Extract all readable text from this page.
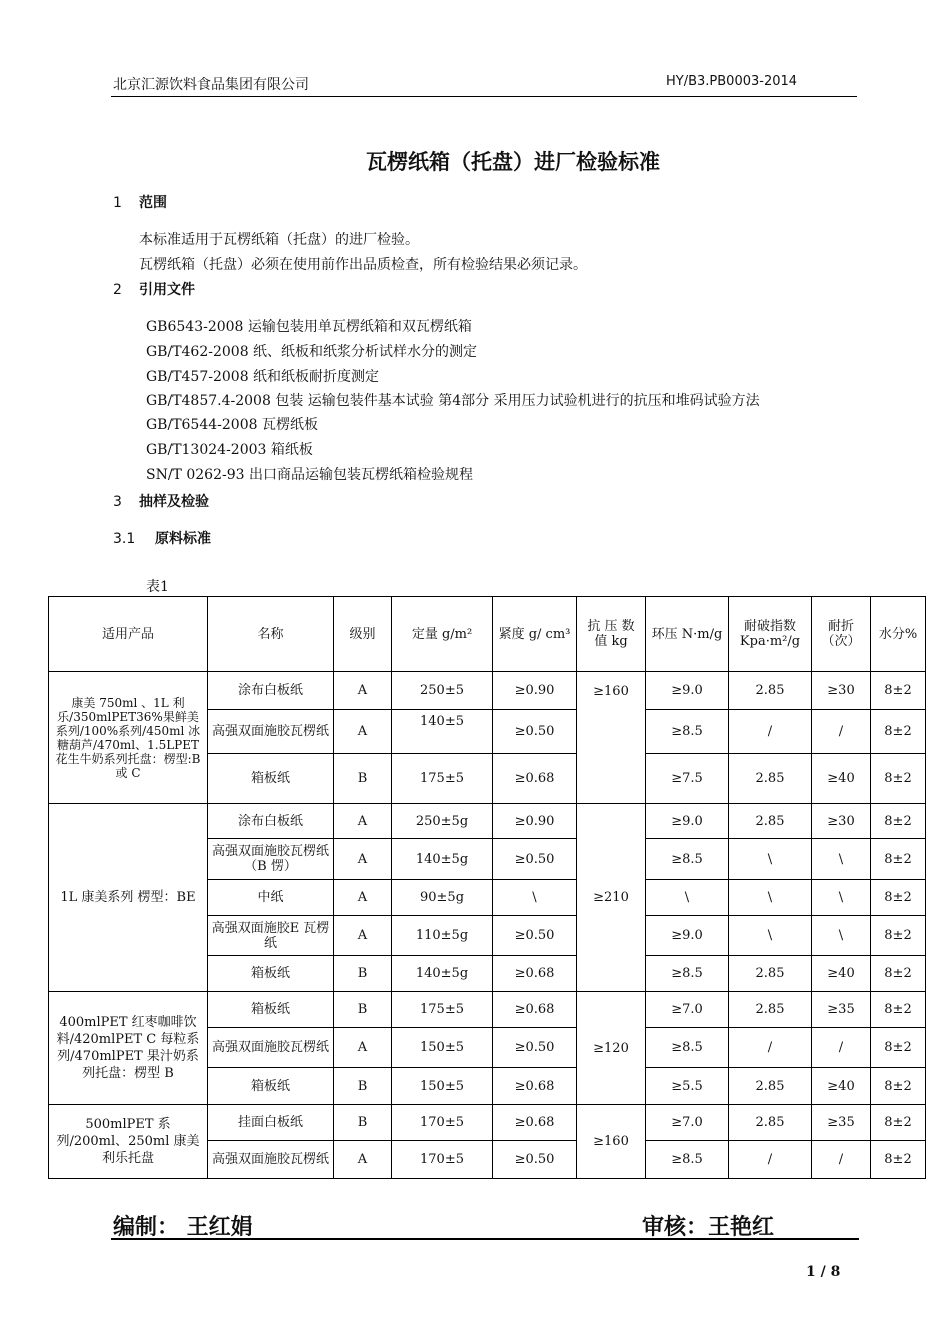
北京汇源饮料食品集团有限公司	HY/B3.PB0003-2014
瓦楞纸箱（托盘）进厂检验标准
1 范围
本标准适用于瓦楞纸箱（托盘）的进厂检验。
瓦楞纸箱（托盘）必须在使用前作出品质检查，所有检验结果必须记录。
2 引用文件
GB6543-2008 运输包装用单瓦楞纸箱和双瓦楞纸箱
GB/T462-2008 纸、纸板和纸浆分析试样水分的测定
GB/T457-2008 纸和纸板耐折度测定
GB/T4857.4-2008 包装 运输包装件基本试验 第4部分 采用压力试验机进行的抗压和堆码试验方法
GB/T6544-2008 瓦楞纸板
GB/T13024-2003 箱纸板
SN/T 0262-93 出口商品运输包装瓦楞纸箱检验规程
3 抽样及检验
3.1 原料标准
表1
适用产品	名称	级别	定量 g/m²	紧度 g/ cm³	抗 压 数 值 kg	环压 N·m/g	耐破指数 Kpa·m²/g	耐折（次）	水分%
康美 750ml 、1L 利乐/350mlPET36%果鲜美系列/100%系列/450ml 冰糖葫芦/470ml、1.5LPET 花生牛奶系列托盘：楞型:B 或 C	涂布白板纸	A	250±5	≥0.90	≥160	≥9.0	2.85	≥30	8±2
	高强双面施胶瓦楞纸	A	140±5	≥0.50		≥8.5	/	/	8±2
	箱板纸	B	175±5	≥0.68		≥7.5	2.85	≥40	8±2
1L 康美系列 楞型：BE	涂布白板纸	A	250±5g	≥0.90	≥210	≥9.0	2.85	≥30	8±2
	高强双面施胶瓦楞纸（B 愣）	A	140±5g	≥0.50		≥8.5	\	\	8±2
	中纸	A	90±5g	\		\	\	\	8±2
	高强双面施胶E 瓦楞纸	A	110±5g	≥0.50		≥9.0	\	\	8±2
	箱板纸	B	140±5g	≥0.68		≥8.5	2.85	≥40	8±2
400mlPET 红枣咖啡饮料/420mlPET C 每粒系列/470mlPET 果汁奶系列托盘：楞型 B	箱板纸	B	175±5	≥0.68	≥120	≥7.0	2.85	≥35	8±2
	高强双面施胶瓦楞纸	A	150±5	≥0.50		≥8.5	/	/	8±2
	箱板纸	B	150±5	≥0.68		≥5.5	2.85	≥40	8±2
500mlPET 系列/200ml、250ml 康美利乐托盘	挂面白板纸	B	170±5	≥0.68	≥160	≥7.0	2.85	≥35	8±2
	高强双面施胶瓦楞纸	A	170±5	≥0.50		≥8.5	/	/	8±2
编制： 王红娟	审核：王艳红
1 / 8
